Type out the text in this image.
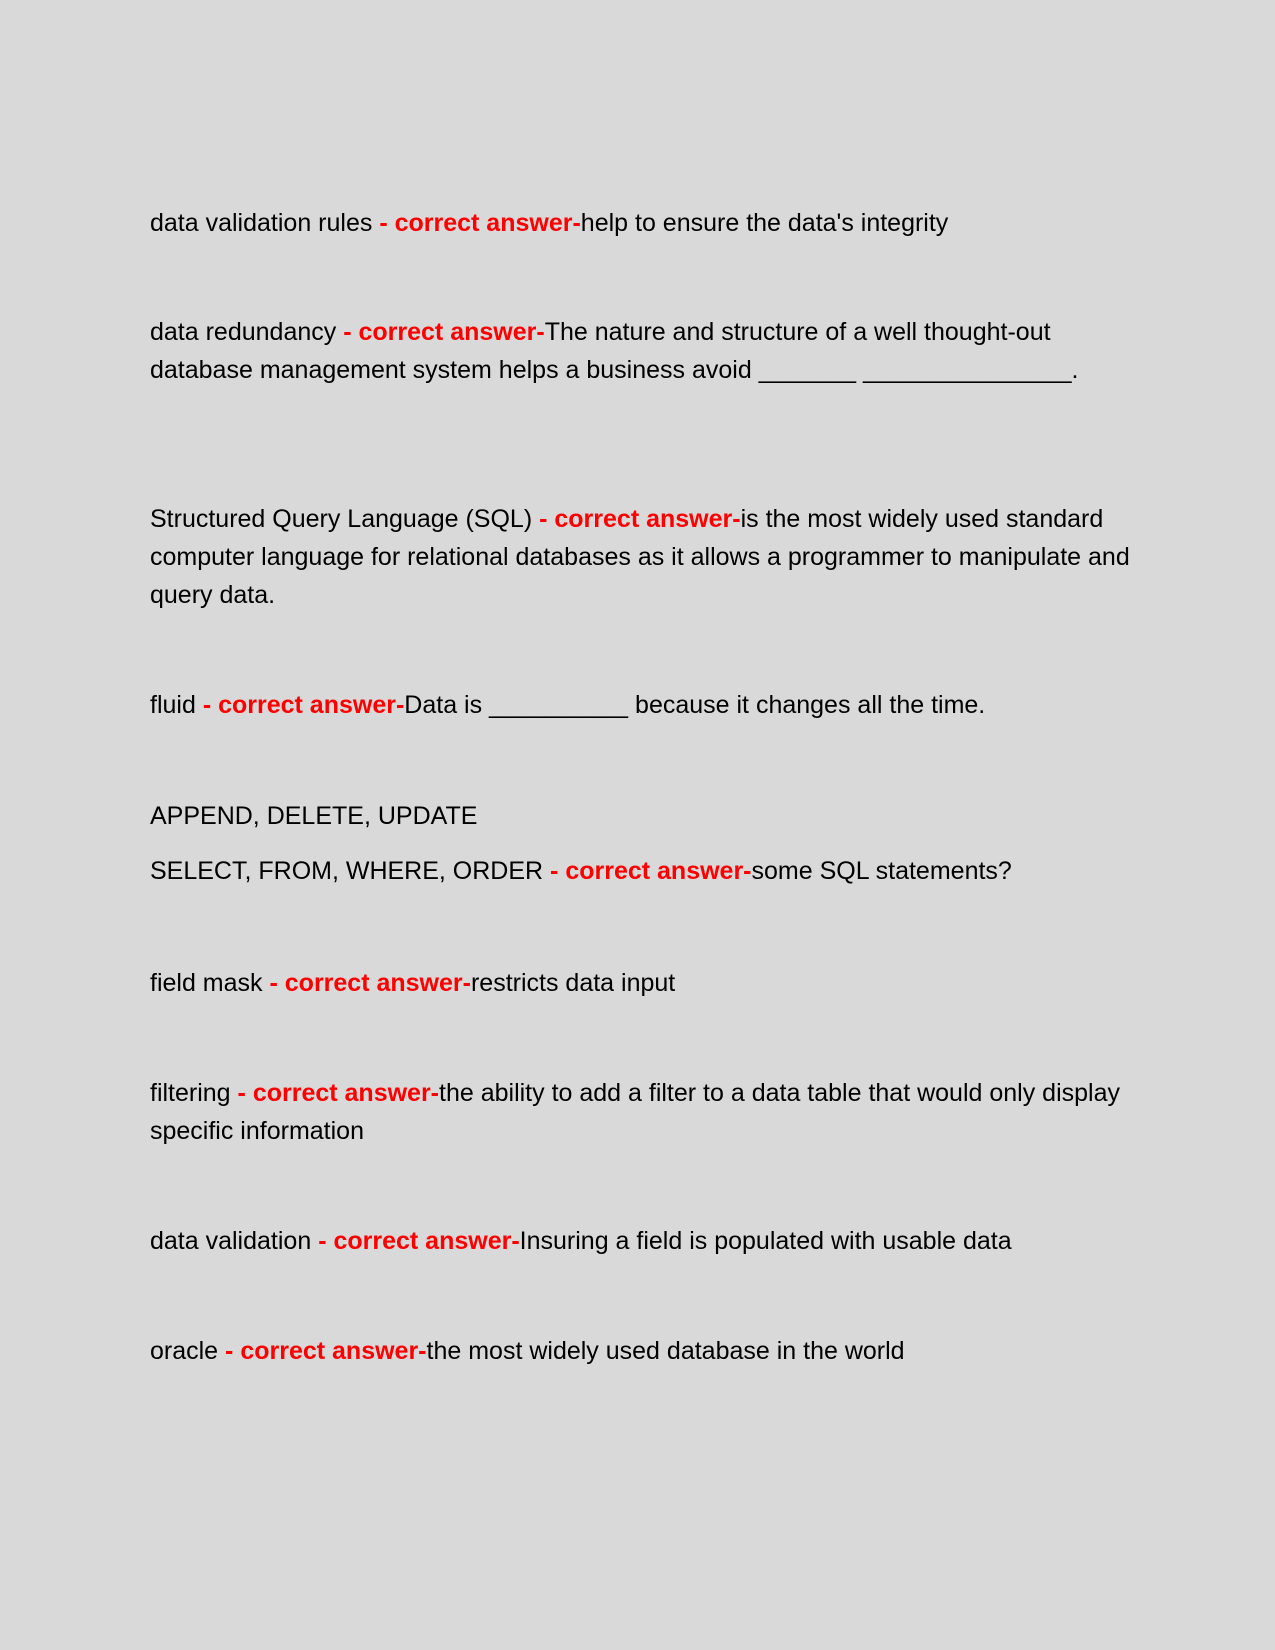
data validation rules - correct answer-help to ensure the data's integrity

data redundancy - correct answer-The nature and structure of a well thought-out database management system helps a business avoid _______ _______________.

Structured Query Language (SQL) - correct answer-is the most widely used standard computer language for relational databases as it allows a programmer to manipulate and query data.

fluid - correct answer-Data is __________ because it changes all the time.

APPEND, DELETE, UPDATE
SELECT, FROM, WHERE, ORDER - correct answer-some SQL statements?

field mask - correct answer-restricts data input

filtering - correct answer-the ability to add a filter to a data table that would only display specific information

data validation - correct answer-Insuring a field is populated with usable data

oracle - correct answer-the most widely used database in the world
